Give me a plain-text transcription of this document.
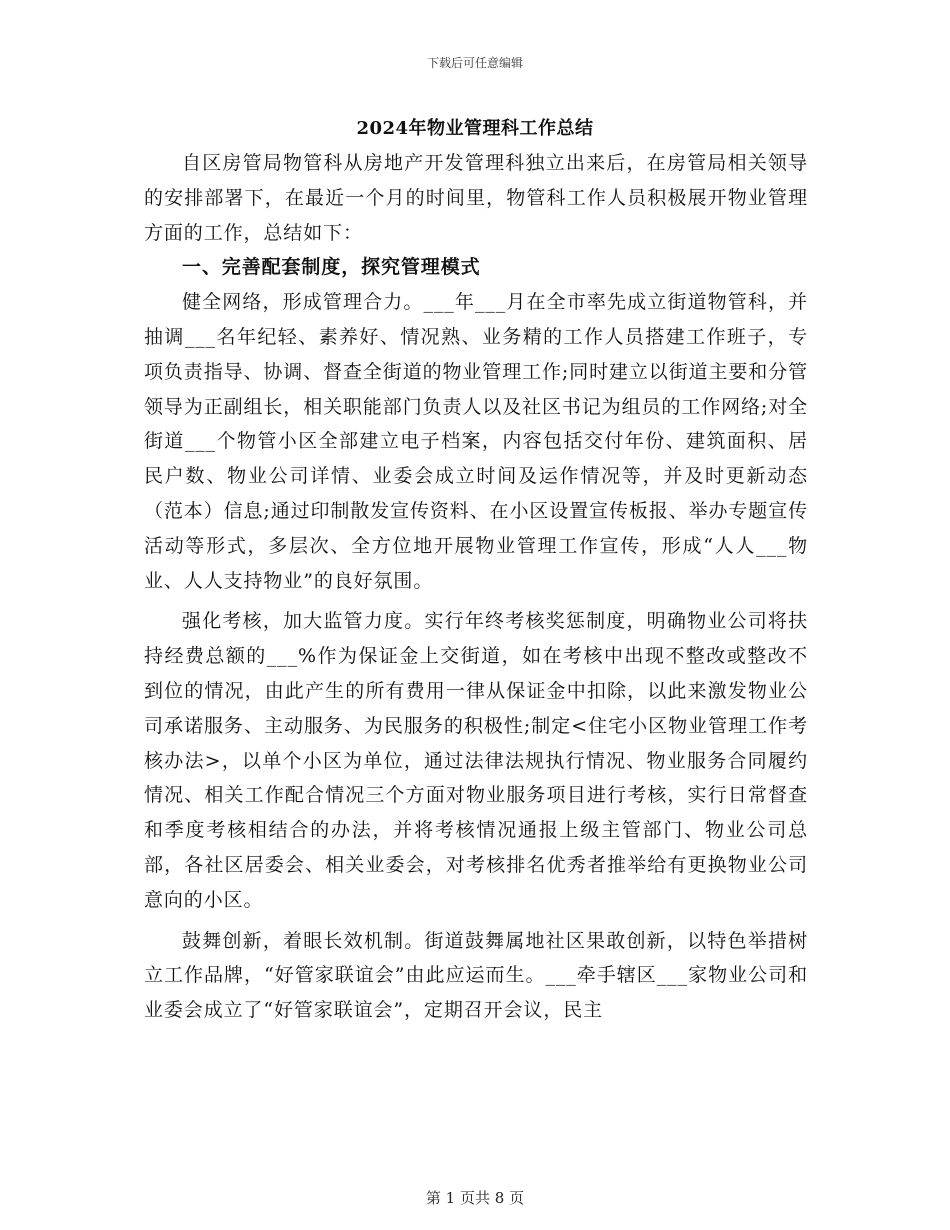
下载后可任意编辑
2024年物业管理科工作总结

自区房管局物管科从房地产开发管理科独立出来后，在房管局相关领导的安排部署下，在最近一个月的时间里，物管科工作人员积极展开物业管理方面的工作，总结如下：

一、完善配套制度，探究管理模式

健全网络，形成管理合力。___年___月在全市率先成立街道物管科，并抽调___名年纪轻、素养好、情况熟、业务精的工作人员搭建工作班子，专项负责指导、协调、督查全街道的物业管理工作;同时建立以街道主要和分管领导为正副组长，相关职能部门负责人以及社区书记为组员的工作网络;对全街道___个物管小区全部建立电子档案，内容包括交付年份、建筑面积、居民户数、物业公司详情、业委会成立时间及运作情况等，并及时更新动态（范本）信息;通过印制散发宣传资料、在小区设置宣传板报、举办专题宣传活动等形式，多层次、全方位地开展物业管理工作宣传，形成“人人___物业、人人支持物业”的良好氛围。

强化考核，加大监管力度。实行年终考核奖惩制度，明确物业公司将扶持经费总额的___%作为保证金上交街道，如在考核中出现不整改或整改不到位的情况，由此产生的所有费用一律从保证金中扣除，以此来激发物业公司承诺服务、主动服务、为民服务的积极性;制定<住宅小区物业管理工作考核办法>，以单个小区为单位，通过法律法规执行情况、物业服务合同履约情况、相关工作配合情况三个方面对物业服务项目进行考核，实行日常督查和季度考核相结合的办法，并将考核情况通报上级主管部门、物业公司总部，各社区居委会、相关业委会，对考核排名优秀者推举给有更换物业公司意向的小区。

鼓舞创新，着眼长效机制。街道鼓舞属地社区果敢创新，以特色举措树立工作品牌，“好管家联谊会”由此应运而生。___牵手辖区___家物业公司和业委会成立了“好管家联谊会”，定期召开会议，民主

第 1 页共 8 页
